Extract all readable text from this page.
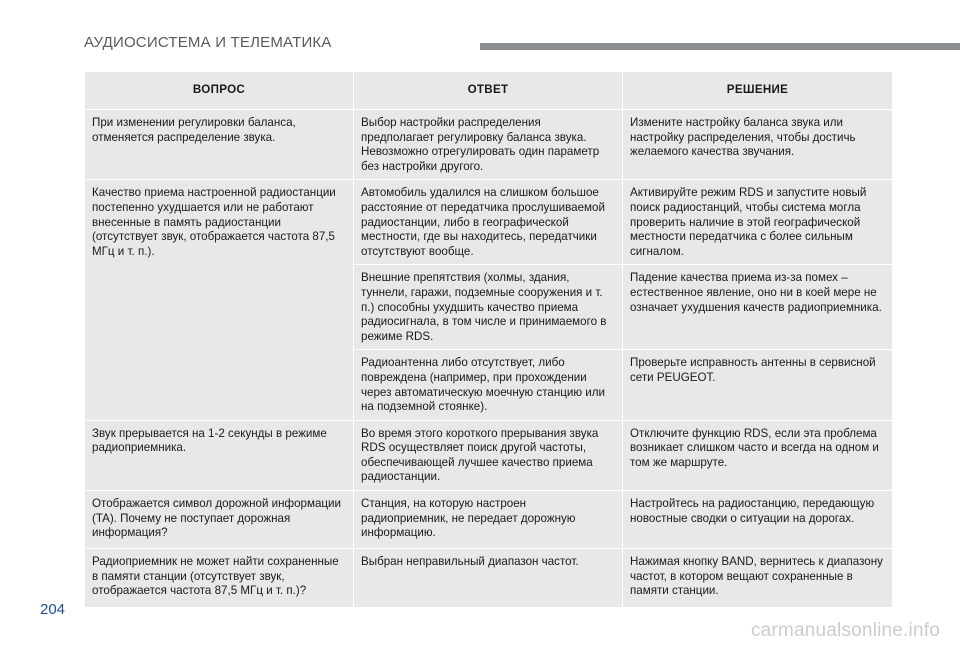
АУДИОСИСТЕМА И ТЕЛЕМАТИКА
ВОПРОС	ОТВЕТ	РЕШЕНИЕ
При изменении регулировки баланса, отменяется распределение звука.	Выбор настройки распределения предполагает регулировку баланса звука. Невозможно отрегулировать один параметр без настройки другого.	Измените настройку баланса звука или настройку распределения, чтобы достичь желаемого качества звучания.
Качество приема настроенной радиостанции постепенно ухудшается или не работают внесенные в память радиостанции (отсутствует звук, отображается частота 87,5 МГц и т. п.).	Автомобиль удалился на слишком большое расстояние от передатчика прослушиваемой радиостанции, либо в географической местности, где вы находитесь, передатчики отсутствуют вообще.	Активируйте режим RDS и запустите новый поиск радиостанций, чтобы система могла проверить наличие в этой географической местности передатчика с более сильным сигналом.
	Внешние препятствия (холмы, здания, туннели, гаражи, подземные сооружения и т. п.) способны ухудшить качество приема радиосигнала, в том числе и принимаемого в режиме RDS.	Падение качества приема из-за помех – естественное явление, оно ни в коей мере не означает ухудшения качеств радиоприемника.
	Радиоантенна либо отсутствует, либо повреждена (например, при прохождении через автоматическую моечную станцию или на подземной стоянке).	Проверьте исправность антенны в сервисной сети PEUGEOT.
Звук прерывается на 1-2 секунды в режиме радиоприемника.	Во время этого короткого прерывания звука RDS осуществляет поиск другой частоты, обеспечивающей лучшее качество приема радиостанции.	Отключите функцию RDS, если эта проблема возникает слишком часто и всегда на одном и том же маршруте.
Отображается символ дорожной информации (TA). Почему не поступает дорожная информация?	Станция, на которую настроен радиоприемник, не передает дорожную информацию.	Настройтесь на радиостанцию, передающую новостные сводки о ситуации на дорогах.
Радиоприемник не может найти сохраненные в памяти станции (отсутствует звук, отображается частота 87,5 МГц и т. п.)?	Выбран неправильный диапазон частот.	Нажимая кнопку BAND, вернитесь к диапазону частот, в котором вещают сохраненные в памяти станции.
204
carmanualsonline.info
